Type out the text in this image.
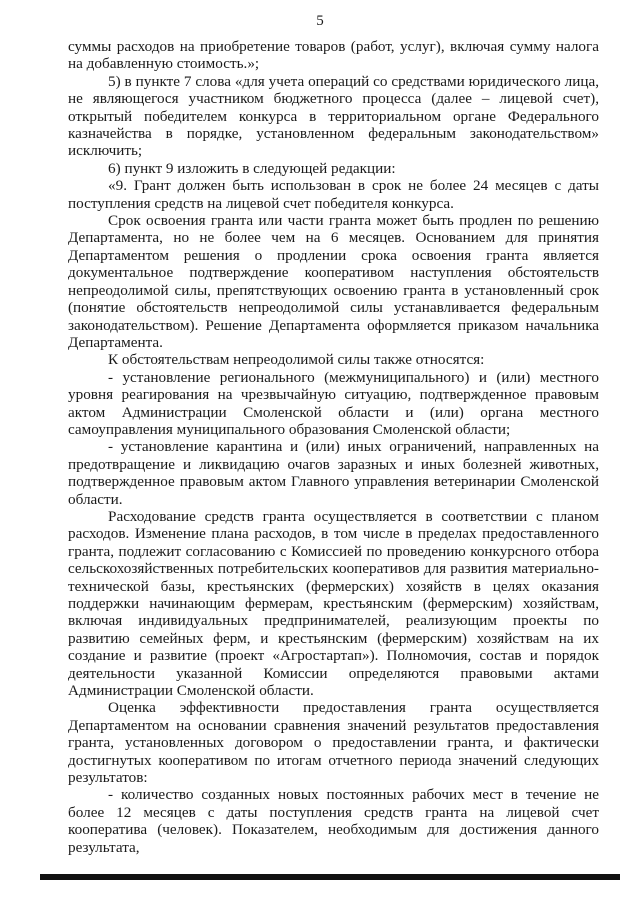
5

суммы расходов на приобретение товаров (работ, услуг), включая сумму налога на добавленную стоимость.»;

5) в пункте 7 слова «для учета операций со средствами юридического лица, не являющегося участником бюджетного процесса (далее – лицевой счет), открытый победителем конкурса в территориальном органе Федерального казначейства в порядке, установленном федеральным законодательством» исключить;

6) пункт 9 изложить в следующей редакции:

«9. Грант должен быть использован в срок не более 24 месяцев с даты поступления средств на лицевой счет победителя конкурса.

Срок освоения гранта или части гранта может быть продлен по решению Департамента, но не более чем на 6 месяцев. Основанием для принятия Департаментом решения о продлении срока освоения гранта является документальное подтверждение кооперативом наступления обстоятельств непреодолимой силы, препятствующих освоению гранта в установленный срок (понятие обстоятельств непреодолимой силы устанавливается федеральным законодательством). Решение Департамента оформляется приказом начальника Департамента.

К обстоятельствам непреодолимой силы также относятся:

- установление регионального (межмуниципального) и (или) местного уровня реагирования на чрезвычайную ситуацию, подтвержденное правовым актом Администрации Смоленской области и (или) органа местного самоуправления муниципального образования Смоленской области;

- установление карантина и (или) иных ограничений, направленных на предотвращение и ликвидацию очагов заразных и иных болезней животных, подтвержденное правовым актом Главного управления ветеринарии Смоленской области.

Расходование средств гранта осуществляется в соответствии с планом расходов. Изменение плана расходов, в том числе в пределах предоставленного гранта, подлежит согласованию с Комиссией по проведению конкурсного отбора сельскохозяйственных потребительских кооперативов для развития материально-технической базы, крестьянских (фермерских) хозяйств в целях оказания поддержки начинающим фермерам, крестьянским (фермерским) хозяйствам, включая индивидуальных предпринимателей, реализующим проекты по развитию семейных ферм, и крестьянским (фермерским) хозяйствам на их создание и развитие (проект «Агростартап»). Полномочия, состав и порядок деятельности указанной Комиссии определяются правовыми актами Администрации Смоленской области.

Оценка эффективности предоставления гранта осуществляется Департаментом на основании сравнения значений результатов предоставления гранта, установленных договором о предоставлении гранта, и фактически достигнутых кооперативом по итогам отчетного периода значений следующих результатов:

- количество созданных новых постоянных рабочих мест в течение не более 12 месяцев с даты поступления средств гранта на лицевой счет кооператива (человек). Показателем, необходимым для достижения данного результата,
